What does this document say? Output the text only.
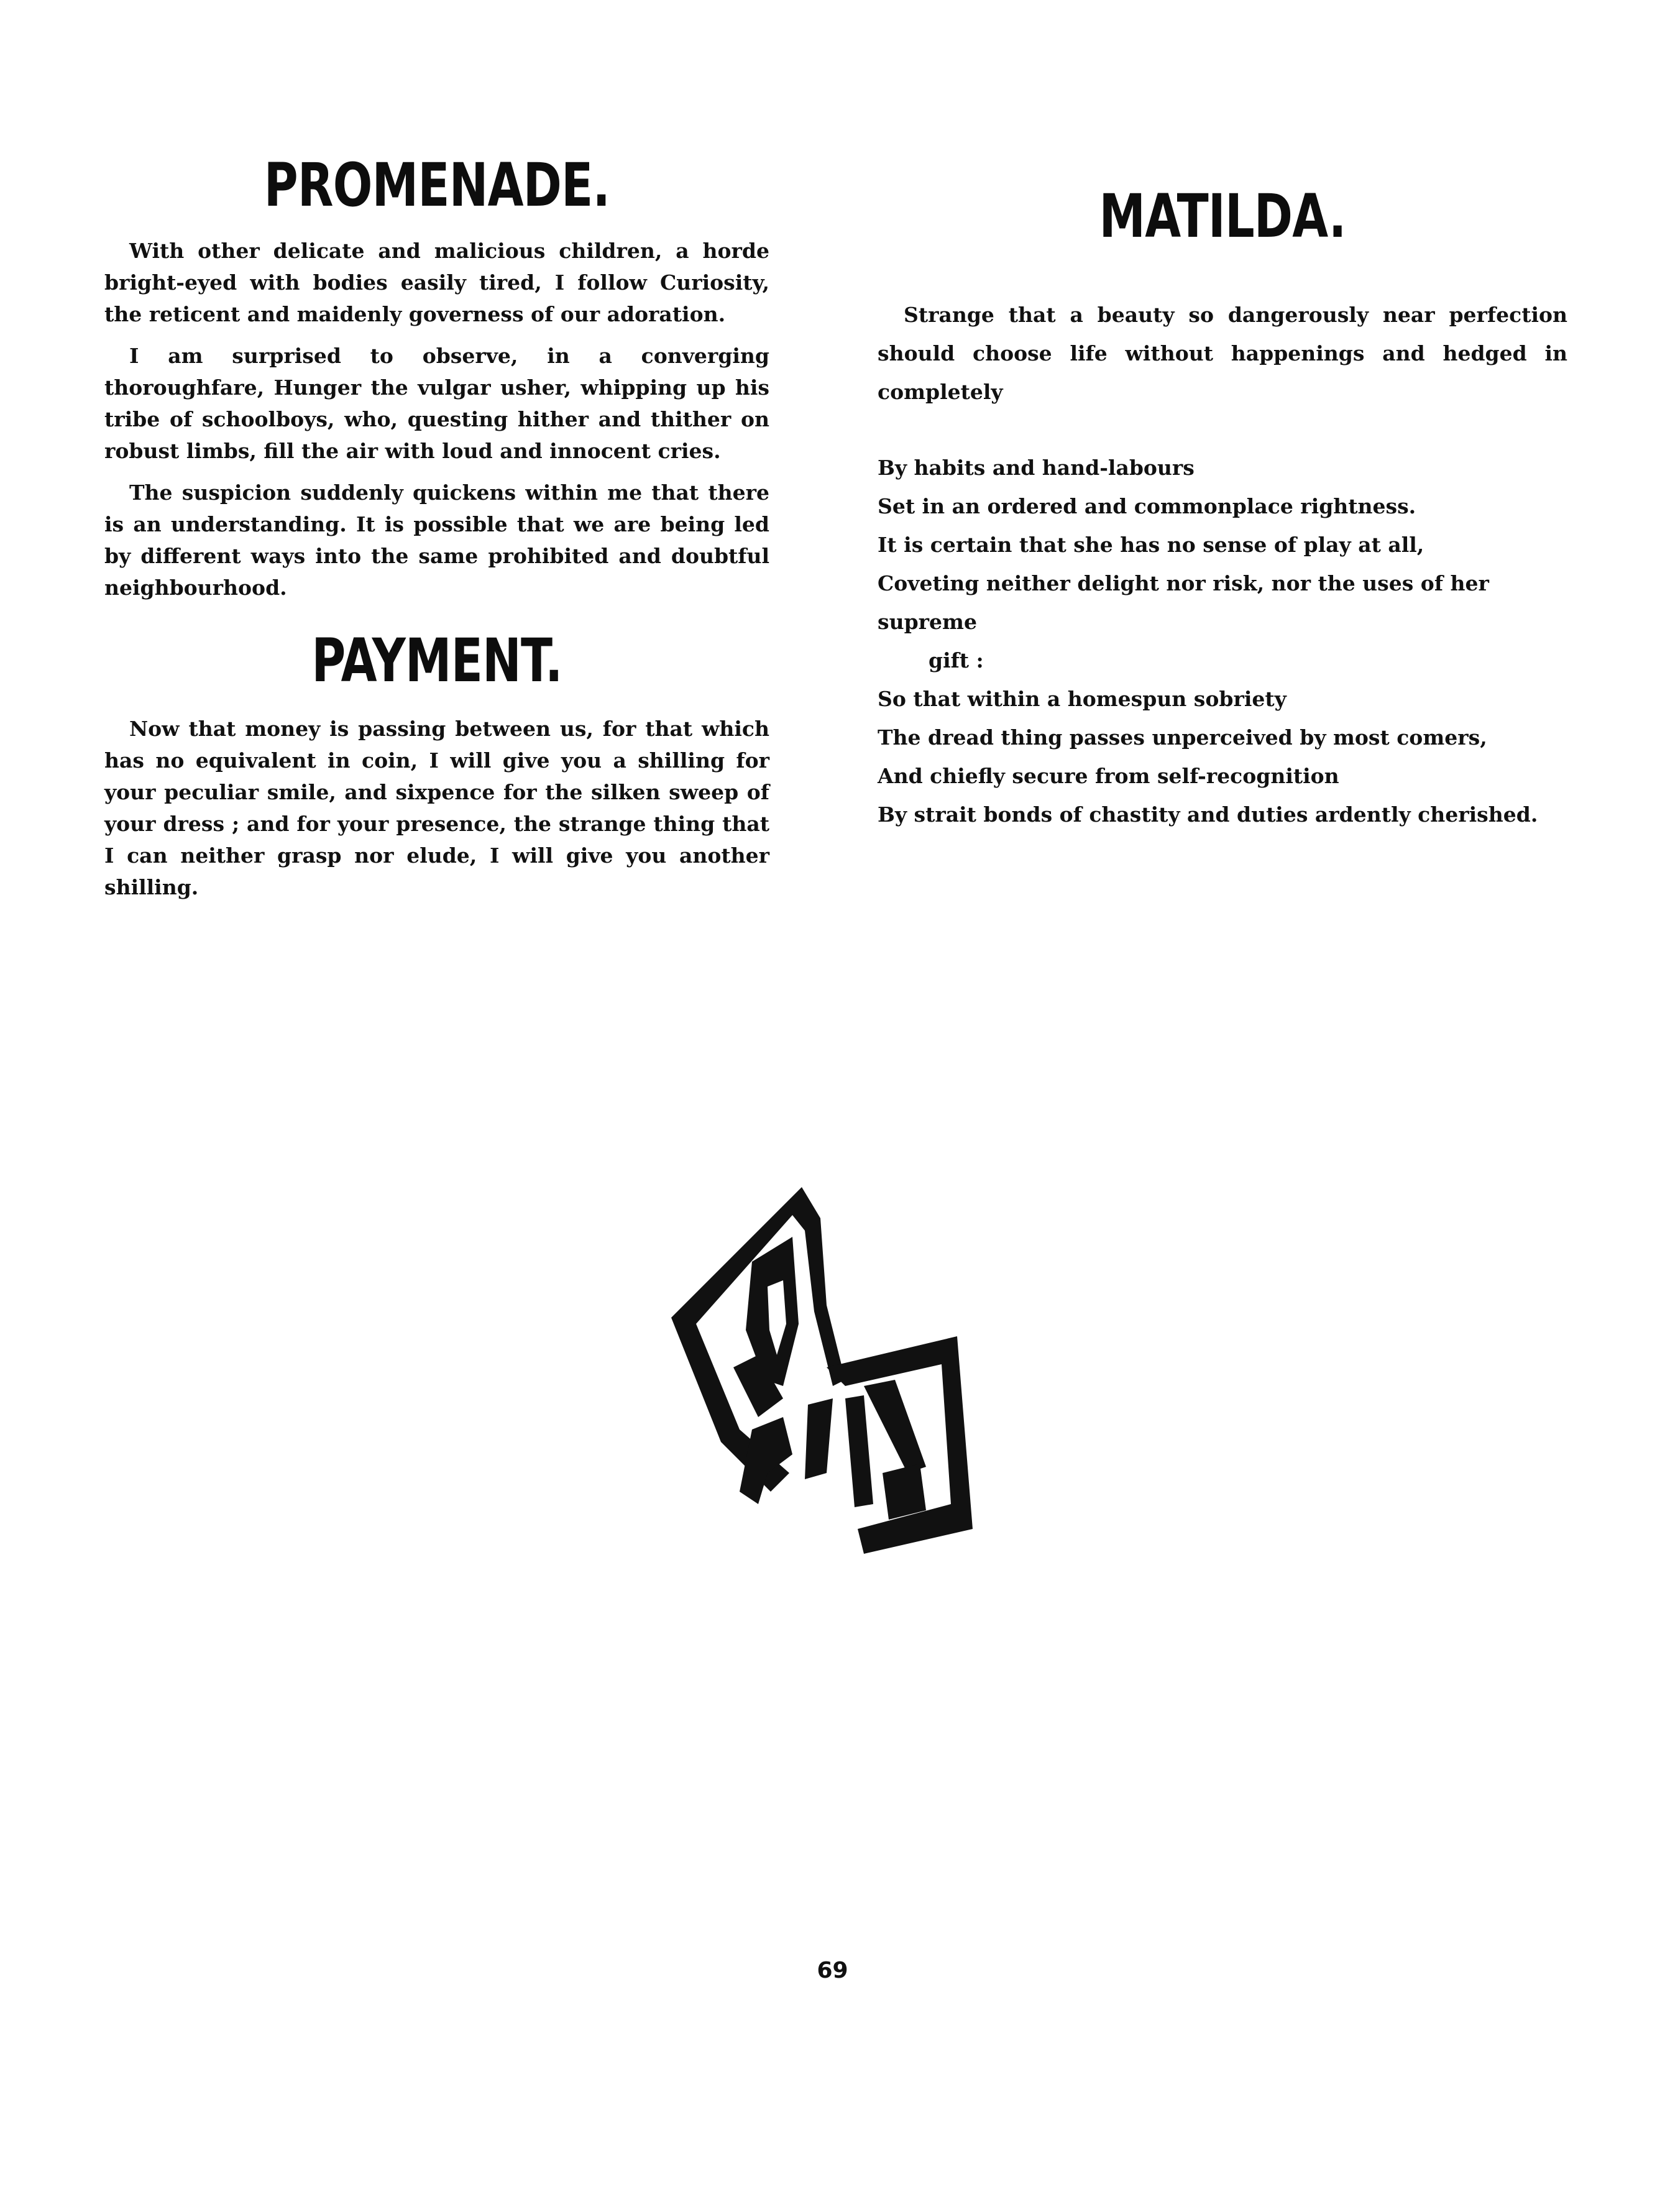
PROMENADE.

With other delicate and malicious children, a horde bright-eyed with bodies easily tired, I follow Curiosity, the reticent and maidenly governess of our adoration.

I am surprised to observe, in a converging thoroughfare, Hunger the vulgar usher, whipping up his tribe of schoolboys, who, questing hither and thither on robust limbs, fill the air with loud and innocent cries.

The suspicion suddenly quickens within me that there is an understanding. It is possible that we are being led by different ways into the same prohibited and doubtful neighbourhood.

PAYMENT.

Now that money is passing between us, for that which has no equivalent in coin, I will give you a shilling for your peculiar smile, and sixpence for the silken sweep of your dress ; and for your presence, the strange thing that I can neither grasp nor elude, I will give you another shilling.

MATILDA.

Strange that a beauty so dangerously near perfection should choose life without happenings and hedged in completely

By habits and hand-labours

Set in an ordered and commonplace rightness.

It is certain that she has no sense of play at all,

Coveting neither delight nor risk, nor the uses of her supreme

gift :

So that within a homespun sobriety

The dread thing passes unperceived by most comers,

And chiefly secure from self-recognition

By strait bonds of chastity and duties ardently cherished.

69
